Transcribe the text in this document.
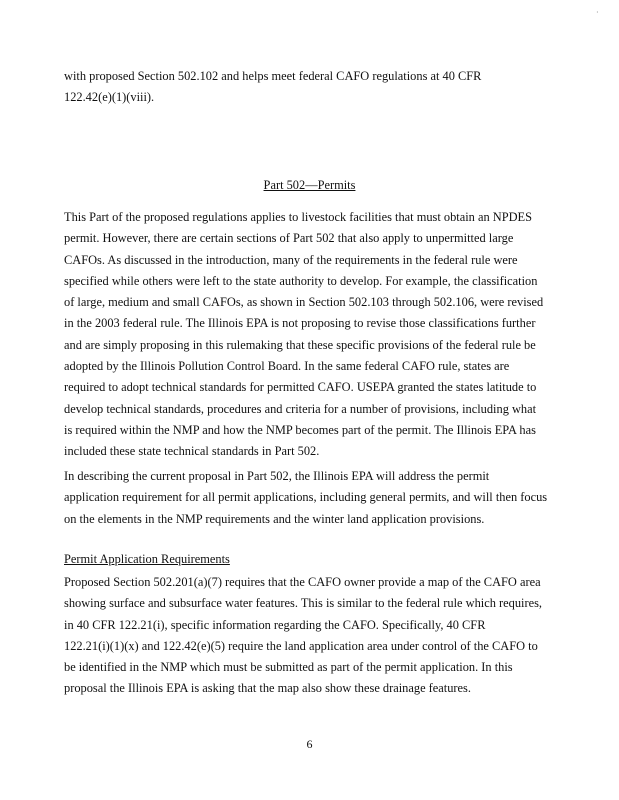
·
with proposed Section 502.102 and helps meet federal CAFO regulations at 40 CFR
122.42(e)(1)(viii).
Part 502—Permits
This Part of the proposed regulations applies to livestock facilities that must obtain an NPDES
permit. However, there are certain sections of Part 502 that also apply to unpermitted large
CAFOs. As discussed in the introduction, many of the requirements in the federal rule were
specified while others were left to the state authority to develop. For example, the classification
of large, medium and small CAFOs, as shown in Section 502.103 through 502.106, were revised
in the 2003 federal rule. The Illinois EPA is not proposing to revise those classifications further
and are simply proposing in this rulemaking that these specific provisions of the federal rule be
adopted by the Illinois Pollution Control Board. In the same federal CAFO rule, states are
required to adopt technical standards for permitted CAFO. USEPA granted the states latitude to
develop technical standards, procedures and criteria for a number of provisions, including what
is required within the NMP and how the NMP becomes part of the permit. The Illinois EPA has
included these state technical standards in Part 502.
In describing the current proposal in Part 502, the Illinois EPA will address the permit
application requirement for all permit applications, including general permits, and will then focus
on the elements in the NMP requirements and the winter land application provisions.
Permit Application Requirements
Proposed Section 502.201(a)(7) requires that the CAFO owner provide a map of the CAFO area
showing surface and subsurface water features. This is similar to the federal rule which requires,
in 40 CFR 122.21(i), specific information regarding the CAFO. Specifically, 40 CFR
122.21(i)(1)(x) and 122.42(e)(5) require the land application area under control of the CAFO to
be identified in the NMP which must be submitted as part of the permit application. In this
proposal the Illinois EPA is asking that the map also show these drainage features.
6
